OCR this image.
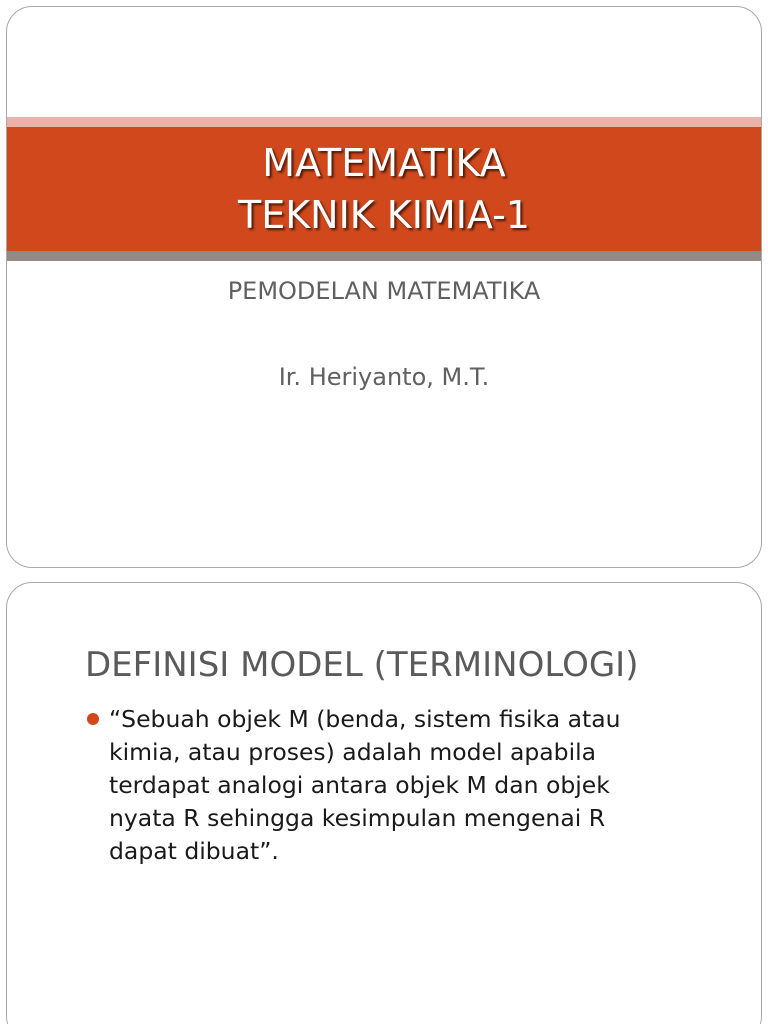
MATEMATIKA
TEKNIK KIMIA-1
PEMODELAN MATEMATIKA
Ir. Heriyanto, M.T.
DEFINISI MODEL (TERMINOLOGI)
“Sebuah objek M (benda, sistem fisika atau
kimia, atau proses) adalah model apabila
terdapat analogi antara objek M dan objek
nyata R sehingga kesimpulan mengenai R
dapat dibuat”.
